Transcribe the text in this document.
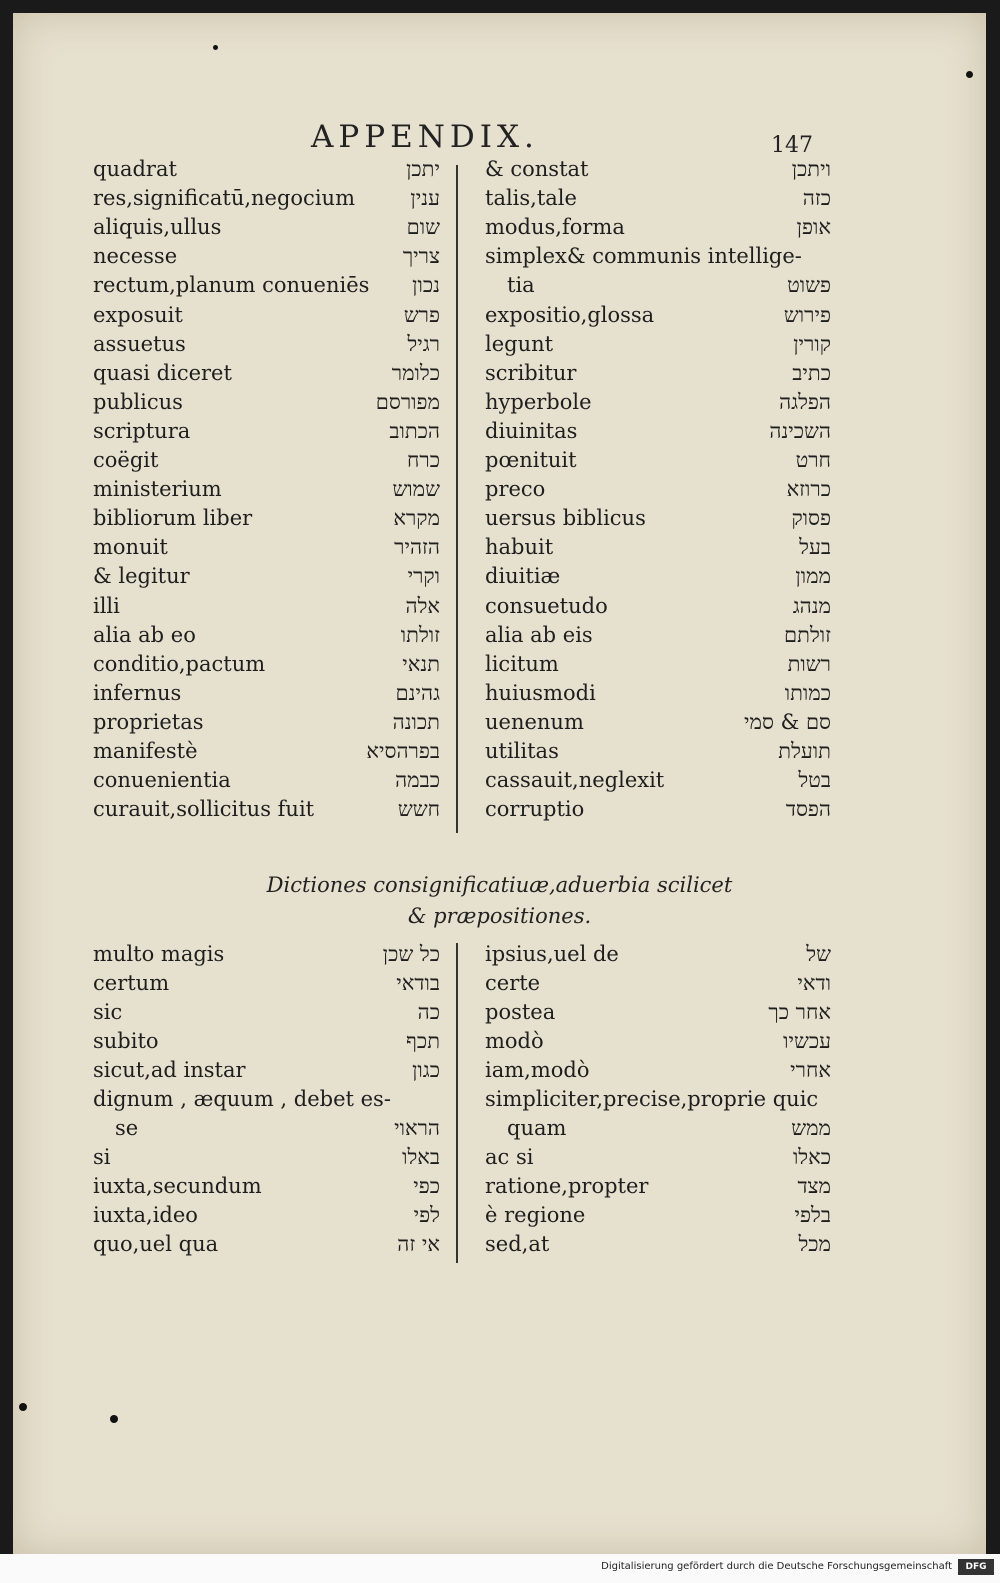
APPENDIX.	147
quadrat	יתכן
res,significatū,negocium	ענין
aliquis,ullus	שום
necesse	צריך
rectum,planum conueniēs נכון
exposuit	פרש
assuetus	רגיל
quasi diceret	כלומר
publicus	מפורסם
scriptura	הכתוב
coëgit	כרח
ministerium	שמוש
bibliorum liber	מקרא
monuit	הזהיר
& legitur	וקרי
illi	אלה
alia ab eo	זולתו
conditio,pactum	תנאי
infernus	גהינם
proprietas	תכונה
manifestè	בפרהסיא
conuenientia	כבמה
curauit,sollicitus fuit	חשש
& constat	ויתכן
talis,tale	כזה
modus,forma	אופן
simplex& communis intellige-
tia	פשוט
expositio,glossa	פירוש
legunt	קורין
scribitur	כתיב
hyperbole	הפלגה
diuinitas	השכינה
pœnituit	חרט
preco	כרוזא
uersus biblicus	פסוק
habuit	בעל
diuitiæ	ממון
consuetudo	מנהג
alia ab eis	זולתם
licitum	רשות
huiusmodi	כמותו
uenenum	סם & סמי
utilitas	תועלת
cassauit,neglexit	בטל
corruptio	הפסד
Dictiones consignificatiuæ,aduerbia scilicet
& præpositiones.
multo magis	כל שכן
certum	בודאי
sic	כה
subito	תכף
sicut,ad instar	כגון
dignum , æquum , debet es-
se	הראוי
si	באלו
iuxta,secundum	כפי
iuxta,ideo	לפי
quo,uel qua	אי זה
ipsius,uel de	של
certe	ודאי
postea	אחר כך
modò	עכשיו
iam,modò	אחרי
simpliciter,precise,proprie quic
quam	ממש
ac si	כאלו
ratione,propter	מצד
è regione	בלפי
sed,at	מכל
Digitalisierung gefördert durch die Deutsche Forschungsgemeinschaft	DFG
